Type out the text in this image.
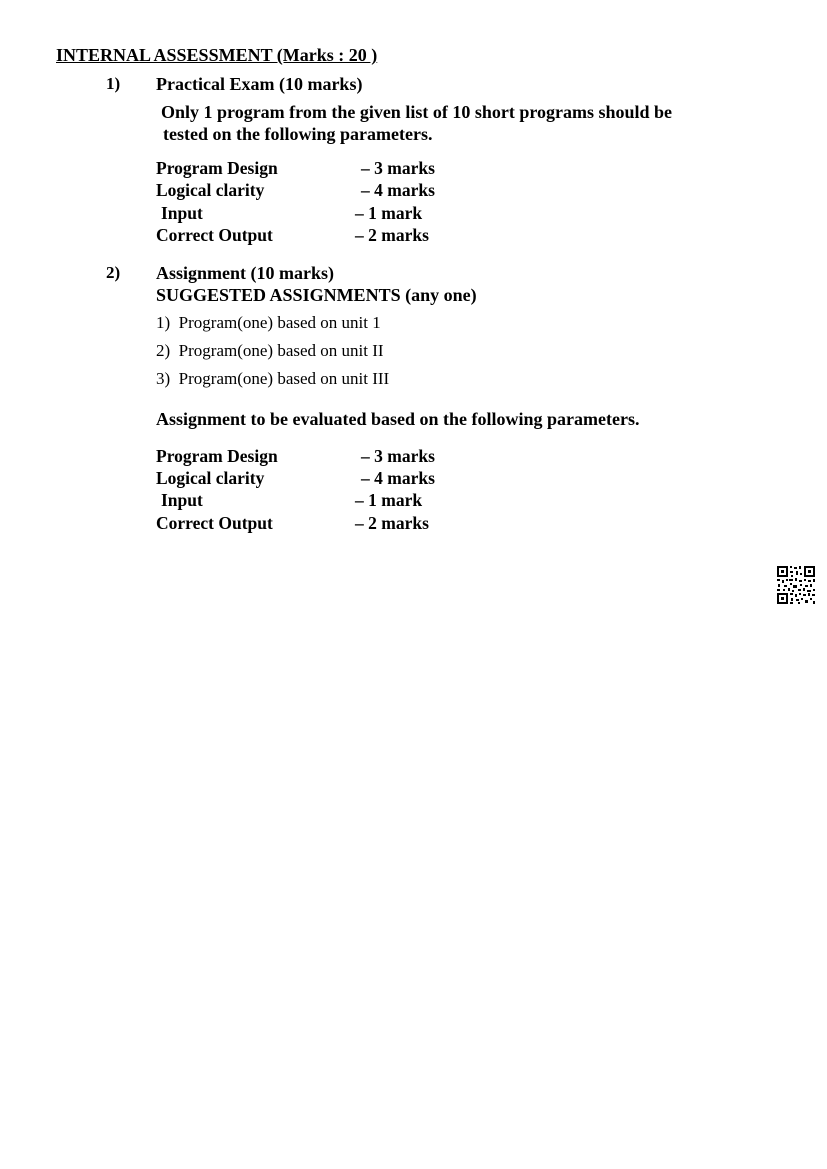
INTERNAL ASSESSMENT (Marks : 20 )
1) Practical Exam (10 marks)
Only 1 program from the given list of 10 short programs should be
tested on the following parameters.
Program Design	– 3 marks
Logical clarity	– 4 marks
Input	– 1 mark
Correct Output	– 2 marks
2) Assignment (10 marks)
SUGGESTED ASSIGNMENTS (any one)
1) Program(one) based on unit 1
2) Program(one) based on unit II
3) Program(one) based on unit III
Assignment to be evaluated based on the following parameters.
Program Design	– 3 marks
Logical clarity	– 4 marks
Input	– 1 mark
Correct Output	– 2 marks
